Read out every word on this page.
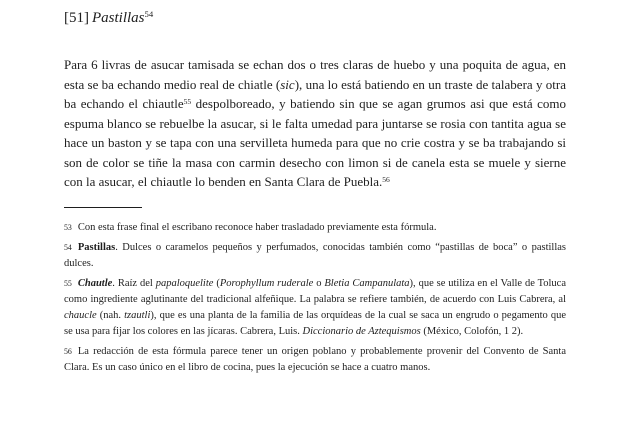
[51] Pastillas$^{54}$

Para 6 livras de asucar tamisada se echan dos o tres claras de huebo y una poquita de agua, en esta se ba echando medio real de chiatle (sic), una lo está batiendo en un traste de talabera y otra ba echando el chiautle$^{55}$ despolboreado, y batiendo sin que se agan grumos asi que está como espuma blanco se rebuelbe la asucar, si le falta umedad para juntarse se rosia con tantita agua se hace un baston y se tapa con una servilleta humeda para que no crie costra y se ba trabajando si son de color se tiñe la masa con carmin desecho con limon si de canela esta se muele y sierne con la asucar, el chiautle lo benden en Santa Clara de Puebla.$^{56}$

53 Con esta frase final el escribano reconoce haber trasladado previamente esta fórmula.

54 Pastillas. Dulces o caramelos pequeños y perfumados, conocidas también como “pastillas de boca” o pastillas dulces.

55 Chautle. Raíz del papaloquelite (Porophyllum ruderale o Bletia Campanulata), que se utiliza en el Valle de Toluca como ingrediente aglutinante del tradicional alfeñique. La palabra se refiere también, de acuerdo con Luis Cabrera, al chaucle (nah. tzautli), que es una planta de la familia de las orquídeas de la cual se saca un engrudo o pegamento que se usa para fijar los colores en las jícaras. Cabrera, Luis. Diccionario de Aztequismos (México, Colofón, 1 2).

56 La redacción de esta fórmula parece tener un origen poblano y probablemente provenir del Convento de Santa Clara. Es un caso único en el libro de cocina, pues la ejecución se hace a cuatro manos.
